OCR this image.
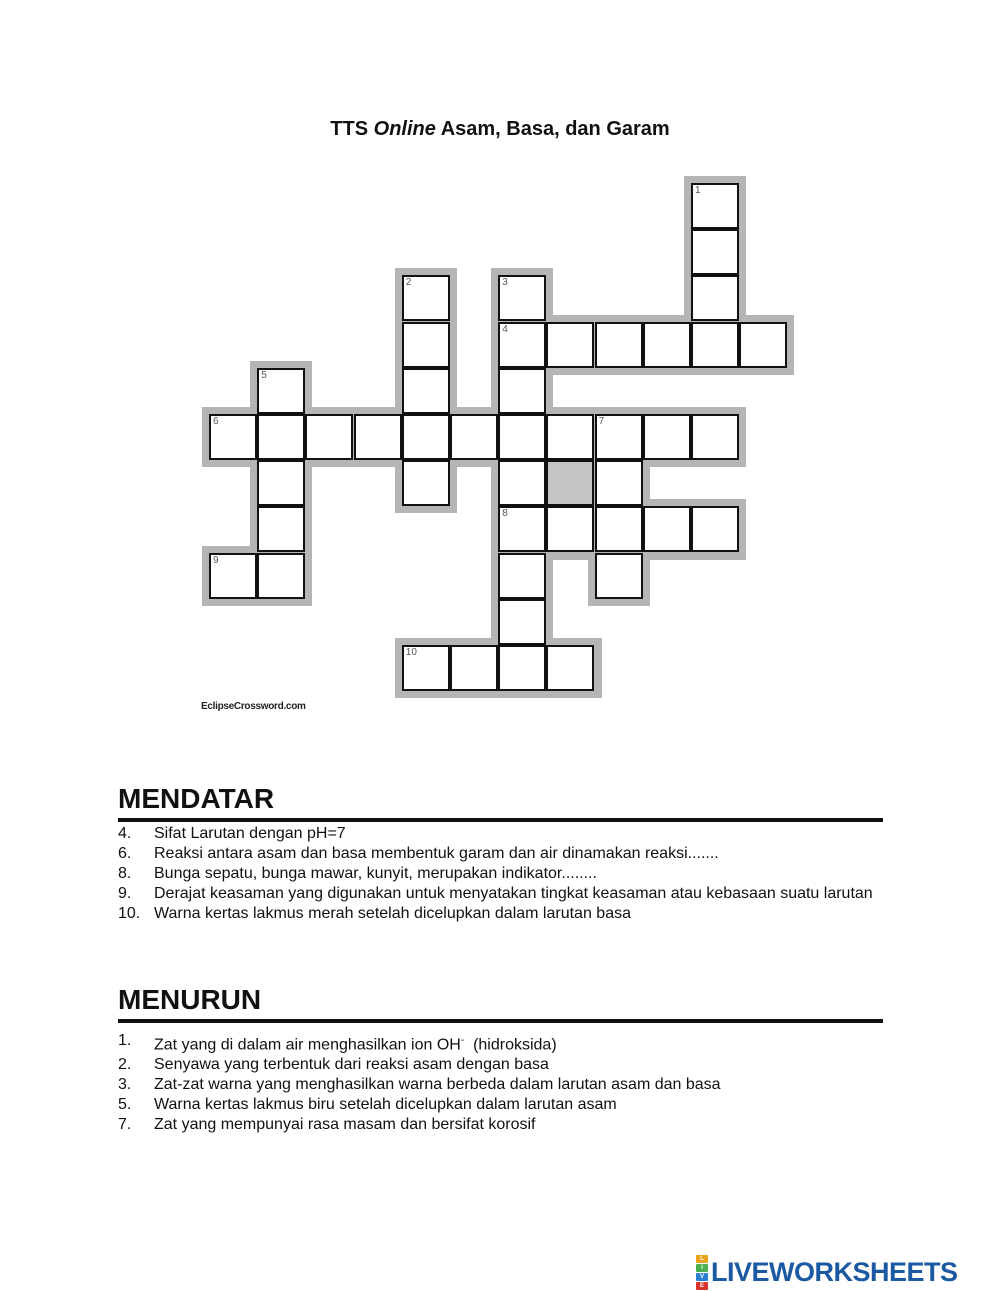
TTS Online Asam, Basa, dan Garam
1
2	3
4
8
5
6	7
9
10
EclipseCrossword.com
MENDATAR
4.	Sifat Larutan dengan pH=7
6.	Reaksi antara asam dan basa membentuk garam dan air dinamakan reaksi.......
8.	Bunga sepatu, bunga mawar, kunyit, merupakan indikator........
9.	Derajat keasaman yang digunakan untuk menyatakan tingkat keasaman atau kebasaan suatu larutan
10. Warna kertas lakmus merah setelah dicelupkan dalam larutan basa
MENURUN
1.	Zat yang di dalam air menghasilkan ion OH-  (hidroksida)
2.	Senyawa yang terbentuk dari reaksi asam dengan basa
3.	Zat-zat warna yang menghasilkan warna berbeda dalam larutan asam dan basa
5.	Warna kertas lakmus biru setelah dicelupkan dalam larutan asam
7.	Zat yang mempunyai rasa masam dan bersifat korosif
L
I
V
E LIVEWORKSHEETS
